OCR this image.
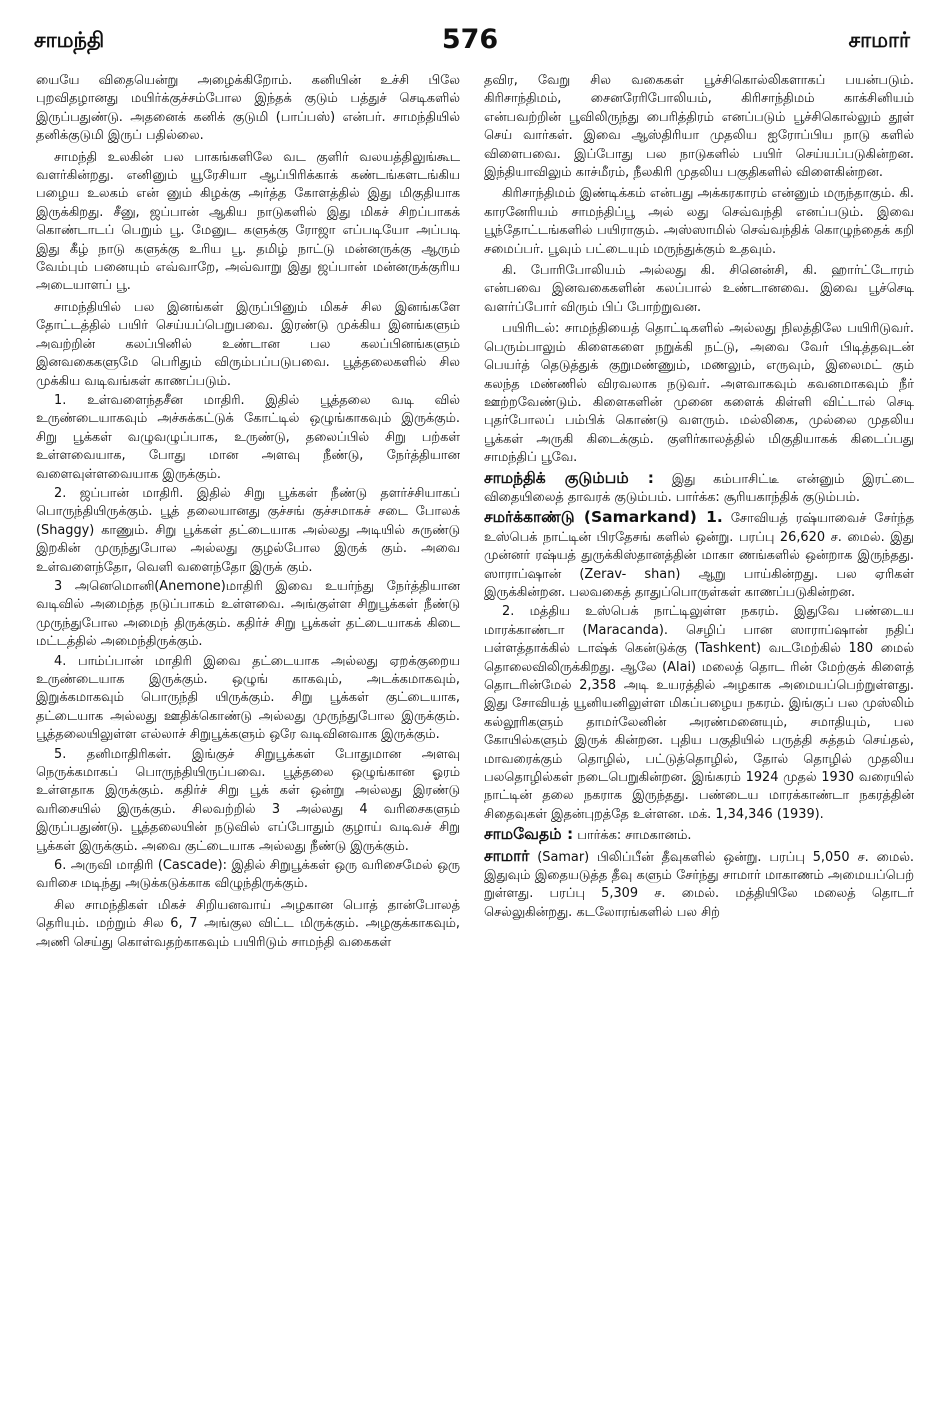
சாமந்தி	576	சாமார்

யையே விதையென்று அழைக்கிறோம். கனியின் உச்சி பிலே புறவிதழானது மயிர்க்குச்சம்போல இந்தக் குடும் பத்துச் செடிகளில் இருப்பதுண்டு. அதனைக் கனிக் குடுமி (பாப்பஸ்) என்பர். சாமந்தியில் தனிக்குடுமி இருப் பதில்லை.

சாமந்தி உலகின் பல பாகங்களிலே வட குளிர் வலயத்திலுங்கூட வளர்கின்றது. எனினும் யூரேசியா ஆப்பிரிக்காக் கண்டங்களடங்கிய பழைய உலகம் என் னும் கிழக்கு அர்த்த கோளத்தில் இது மிகுதியாக இருக்கிறது. சீனு, ஜப்பான் ஆகிய நாடுகளில் இது மிகச் சிறப்பாகக் கொண்டாடப் பெறும் பூ. மேனுட களுக்கு ரோஜா எப்படியோ அப்படி இது கீழ் நாடு களுக்கு உரிய பூ. தமிழ் நாட்டு மன்னருக்கு ஆரும் வேம்பும் பனையும் எவ்வாறே, அவ்வாறு இது ஜப்பான் மன்னருக்குரிய அடையாளப் பூ.

சாமந்தியில் பல இனங்கள் இருப்பினும் மிகச் சில இனங்களே தோட்டத்தில் பயிர் செய்யப்பெறுபவை. இரண்டு முக்கிய இனங்களும் அவற்றின் கலப்பினில் உண்டான பல கலப்பினங்களும் இனவகைகளுமே பெரிதும் விரும்பப்படுபவை. பூத்தலைகளில் சில முக்கிய வடிவங்கள் காணப்படும்.

1. உள்வளைந்தசீன மாதிரி. இதில் பூத்தலை வடி வில் உருண்டையாகவும் அச்சுக்கட்டுக் கோட்டில் ஒழுங்காகவும் இருக்கும். சிறு பூக்கள் வழுவழுப்பாக, உருண்டு, தலைப்பில் சிறு பற்கள் உள்ளவையாக, போது மான அளவு நீண்டு, நேர்த்தியான வளைவுள்ளவையாக இருக்கும்.

2. ஜப்பான் மாதிரி. இதில் சிறு பூக்கள் நீண்டு தளர்ச்சியாகப் பொருந்தியிருக்கும். பூத் தலையானது குச்சங் குச்சமாகச் சடை போலக் (Shaggy) காணும். சிறு பூக்கள் தட்டையாக அல்லது அடியில் சுருண்டு இறகின் முருந்துபோல அல்லது குழல்போல இருக் கும். அவை உள்வளைந்தோ, வெளி வளைந்தோ இருக் கும்.

3 அனெமொனி(Anemone)மாதிரி இவை உயர்ந்து நேர்த்தியான வடிவில் அமைந்த நடுப்பாகம் உள்ளவை. அங்குள்ள சிறுபூக்கள் நீண்டு முருந்துபோல அமைந் திருக்கும். கதிர்ச் சிறு பூக்கள் தட்டையாகக் கிடை மட்டத்தில் அமைந்திருக்கும்.

4. பாம்ப்பான் மாதிரி இவை தட்டையாக அல்லது ஏறக்குறைய உருண்டையாக இருக்கும். ஒழுங் காகவும், அடக்கமாகவும், இறுக்கமாகவும் பொருந்தி யிருக்கும். சிறு பூக்கள் குட்டையாக, தட்டையாக அல்லது ஊதிக்கொண்டு அல்லது முருந்துபோல இருக்கும். பூத்தலையிலுள்ள எல்லாச் சிறுபூக்களும் ஒரே வடிவினவாக இருக்கும்.

5. தனிமாதிரிகள். இங்குச் சிறுபூக்கள் போதுமான அளவு நெருக்கமாகப் பொருந்தியிருப்பவை. பூத்தலை ஒழுங்கான ஓரம் உள்ளதாக இருக்கும். கதிர்ச் சிறு பூக் கள் ஒன்று அல்லது இரண்டு வரிசையில் இருக்கும். சிலவற்றில் 3 அல்லது 4 வரிசைகளும் இருப்பதுண்டு. பூத்தலையின் நடுவில் எப்போதும் குழாய் வடிவச் சிறு பூக்கள் இருக்கும். அவை குட்டையாக அல்லது நீண்டு இருக்கும்.

6. அருவி மாதிரி (Cascade): இதில் சிறுபூக்கள் ஒரு வரிசைமேல் ஒரு வரிசை மடிந்து அடுக்கடுக்காக விழுந்திருக்கும்.

சில சாமந்திகள் மிகச் சிறியனவாய் அழகான பொத் தான்போலத் தெரியும். மற்றும் சில 6, 7 அங்குல விட்ட மிருக்கும். அழகுக்காகவும், அணி செய்து கொள்வதற்காகவும் பயிரிடும் சாமந்தி வகைகள்

தவிர, வேறு சில வகைகள் பூச்சிகொல்லிகளாகப் பயன்படும். கிரிசாந்திமம், சைனரேரிபோலியம், கிரிசாந்திமம் காக்சினியம் என்பவற்றின் பூவிலிருந்து பைரித்திரம் எனப்படும் பூச்சிகொல்லும் தூள் செய் வார்கள். இவை ஆஸ்திரியா முதலிய ஐரோப்பிய நாடு களில் விளைபவை. இப்போது பல நாடுகளில் பயிர் செய்யப்படுகின்றன. இந்தியாவிலும் காச்மீரம், நீலகிரி முதலிய பகுதிகளில் விளைகின்றன.

கிரிசாந்திமம் இண்டிக்கம் என்பது அக்கரகாரம் என்னும் மருந்தாகும். கி. காரனேரியம் சாமந்திப்பூ அல் லது செவ்வந்தி எனப்படும். இவை பூந்தோட்டங்களில் பயிராகும். அஸ்ஸாமில் செவ்வந்திக் கொழுந்தைக் கறி சமைப்பர். பூவும் பட்டையும் மருந்துக்கும் உதவும்.

கி. போரிபோலியம் அல்லது கி. சினென்சி, கி. ஹார்ட்டோரம் என்பவை இனவகைகளின் கலப்பால் உண்டானவை. இவை பூச்செடி வளர்ப்போர் விரும் பிப் போற்றுவன.

பயிரிடல்: சாமந்தியைத் தொட்டிகளில் அல்லது நிலத்திலே பயிரிடுவர். பெரும்பாலும் கிளைகளை நறுக்கி நட்டு, அவை வேர் பிடித்தவுடன் பெயர்த் தெடுத்துக் குறுமண்ணும், மணலும், எருவும், இலைமட் கும் கலந்த மண்ணில் விரவலாக நடுவர். அளவாகவும் கவனமாகவும் நீர் ஊற்றவேண்டும். கிளைகளின் முனை களைக் கிள்ளி விட்டால் செடி புதர்போலப் பம்பிக் கொண்டு வளரும். மல்லிகை, முல்லை முதலிய பூக்கள் அருகி கிடைக்கும். குளிர்காலத்தில் மிகுதியாகக் கிடைப்பது சாமந்திப் பூவே.

சாமந்திக் குடும்பம் : இது கம்பாசிட்டீ என்னும் இரட்டை விதையிலைத் தாவரக் குடும்பம். பார்க்க: சூரியகாந்திக் குடும்பம்.

சமர்க்காண்டு (Samarkand) 1. சோவியத் ரஷ்யாவைச் சேர்ந்த உஸ்பெக் நாட்டின் பிரதேசங் களில் ஒன்று. பரப்பு 26,620 ச. மைல். இது முன்னர் ரஷ்யத் துருக்கிஸ்தானத்தின் மாகா ணங்களில் ஒன்றாக இருந்தது. ஸாராப்ஷான் (Zerav- shan) ஆறு பாய்கின்றது. பல ஏரிகள் இருக்கின்றன. பலவகைத் தாதுப்பொருள்கள் காணப்படுகின்றன.

2. மத்திய உஸ்பெக் நாட்டிலுள்ள நகரம். இதுவே பண்டைய மாரக்காண்டா (Maracanda). செழிப் பான ஸாராப்ஷான் நதிப் பள்ளத்தாக்கில் டாஷ்க் கென்டுக்கு (Tashkent) வடமேற்கில் 180 மைல் தொலைவிலிருக்கிறது. ஆலே (Alai) மலைத் தொட ரின் மேற்குக் கிளைத் தொடரின்மேல் 2,358 அடி உயரத்தில் அழகாக அமையப்பெற்றுள்ளது. இது சோவியத் யூனியனிலுள்ள மிகப்பழைய நகரம். இங்குப் பல முஸ்லிம் கல்லூரிகளும் தாமர்லேனின் அரண்மனையும், சமாதியும், பல கோயில்களும் இருக் கின்றன. புதிய பகுதியில் பருத்தி சுத்தம் செய்தல், மாவரைக்கும் தொழில், பட்டுத்தொழில், தோல் தொழில் முதலிய பலதொழில்கள் நடைபெறுகின்றன. இங்கரம் 1924 முதல் 1930 வரையில் நாட்டின் தலை நகராக இருந்தது. பண்டைய மாரக்காண்டா நகரத்தின் சிதைவுகள் இதன்புறத்தே உள்ளன. மக். 1,34,346 (1939).

சாமவேதம் : பார்க்க: சாமகானம்.

சாமார் (Samar) பிலிப்பீன் தீவுகளில் ஒன்று. பரப்பு 5,050 ச. மைல். இதுவும் இதையடுத்த தீவு களும் சேர்ந்து சாமார் மாகாணம் அமையப்பெற் றுள்ளது. பரப்பு 5,309 ச. மைல். மத்தியிலே மலைத் தொடர் செல்லுகின்றது. கடலோரங்களில் பல சிற்
